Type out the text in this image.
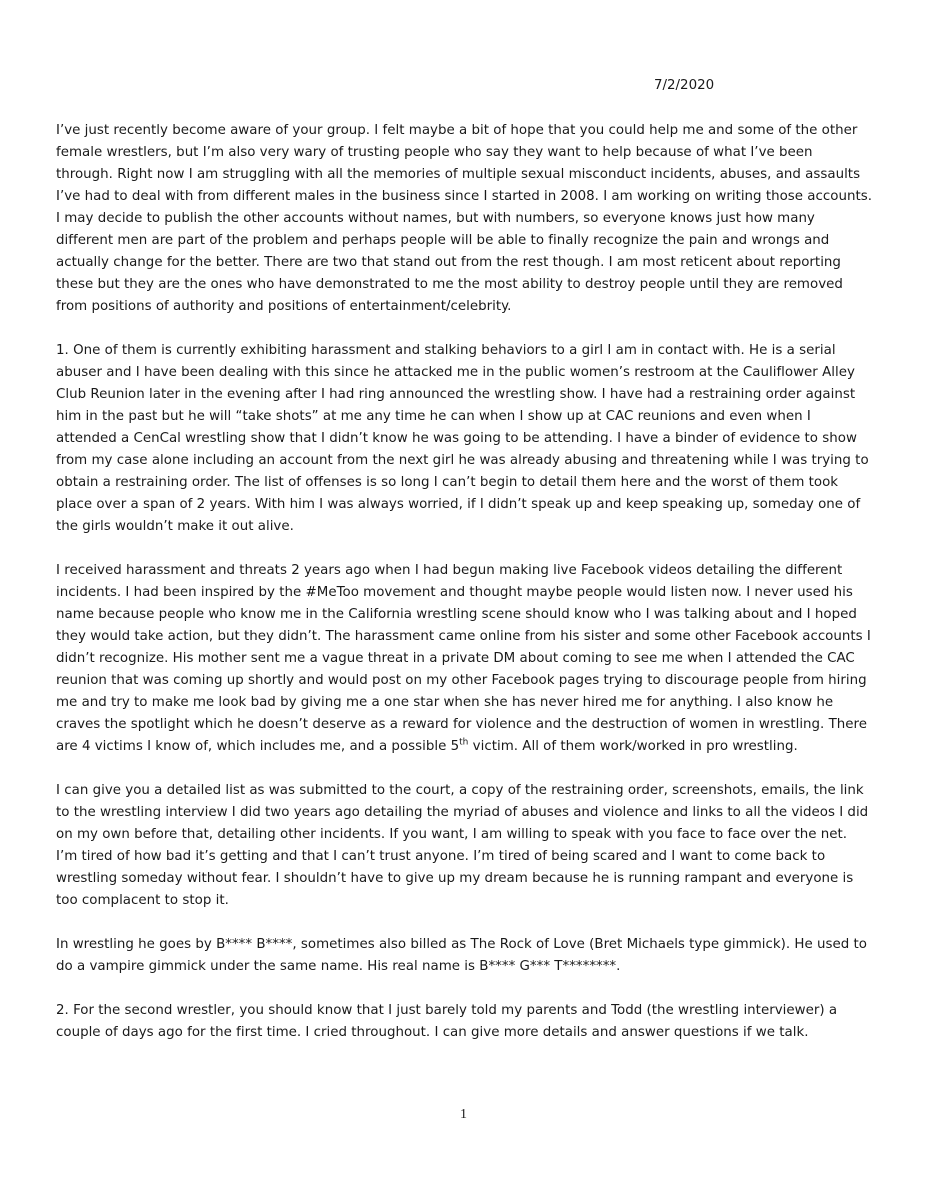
7/2/2020

I’ve just recently become aware of your group. I felt maybe a bit of hope that you could help me and some of the other female wrestlers, but I’m also very wary of trusting people who say they want to help because of what I’ve been through. Right now I am struggling with all the memories of multiple sexual misconduct incidents, abuses, and assaults I’ve had to deal with from different males in the business since I started in 2008. I am working on writing those accounts. I may decide to publish the other accounts without names, but with numbers, so everyone knows just how many different men are part of the problem and perhaps people will be able to finally recognize the pain and wrongs and actually change for the better. There are two that stand out from the rest though. I am most reticent about reporting these but they are the ones who have demonstrated to me the most ability to destroy people until they are removed from positions of authority and positions of entertainment/celebrity.

1. One of them is currently exhibiting harassment and stalking behaviors to a girl I am in contact with. He is a serial abuser and I have been dealing with this since he attacked me in the public women’s restroom at the Cauliflower Alley Club Reunion later in the evening after I had ring announced the wrestling show. I have had a restraining order against him in the past but he will “take shots” at me any time he can when I show up at CAC reunions and even when I attended a CenCal wrestling show that I didn’t know he was going to be attending. I have a binder of evidence to show from my case alone including an account from the next girl he was already abusing and threatening while I was trying to obtain a restraining order. The list of offenses is so long I can’t begin to detail them here and the worst of them took place over a span of 2 years. With him I was always worried, if I didn’t speak up and keep speaking up, someday one of the girls wouldn’t make it out alive.

I received harassment and threats 2 years ago when I had begun making live Facebook videos detailing the different incidents. I had been inspired by the #MeToo movement and thought maybe people would listen now. I never used his name because people who know me in the California wrestling scene should know who I was talking about and I hoped they would take action, but they didn’t. The harassment came online from his sister and some other Facebook accounts I didn’t recognize. His mother sent me a vague threat in a private DM about coming to see me when I attended the CAC reunion that was coming up shortly and would post on my other Facebook pages trying to discourage people from hiring me and try to make me look bad by giving me a one star when she has never hired me for anything. I also know he craves the spotlight which he doesn’t deserve as a reward for violence and the destruction of women in wrestling. There are 4 victims I know of, which includes me, and a possible 5th victim. All of them work/worked in pro wrestling.

I can give you a detailed list as was submitted to the court, a copy of the restraining order, screenshots, emails, the link to the wrestling interview I did two years ago detailing the myriad of abuses and violence and links to all the videos I did on my own before that, detailing other incidents. If you want, I am willing to speak with you face to face over the net. I’m tired of how bad it’s getting and that I can’t trust anyone. I’m tired of being scared and I want to come back to wrestling someday without fear. I shouldn’t have to give up my dream because he is running rampant and everyone is too complacent to stop it.

In wrestling he goes by B**** B****, sometimes also billed as The Rock of Love (Bret Michaels type gimmick). He used to do a vampire gimmick under the same name. His real name is B**** G*** T********.

2. For the second wrestler, you should know that I just barely told my parents and Todd (the wrestling interviewer) a couple of days ago for the first time. I cried throughout. I can give more details and answer questions if we talk.

1
